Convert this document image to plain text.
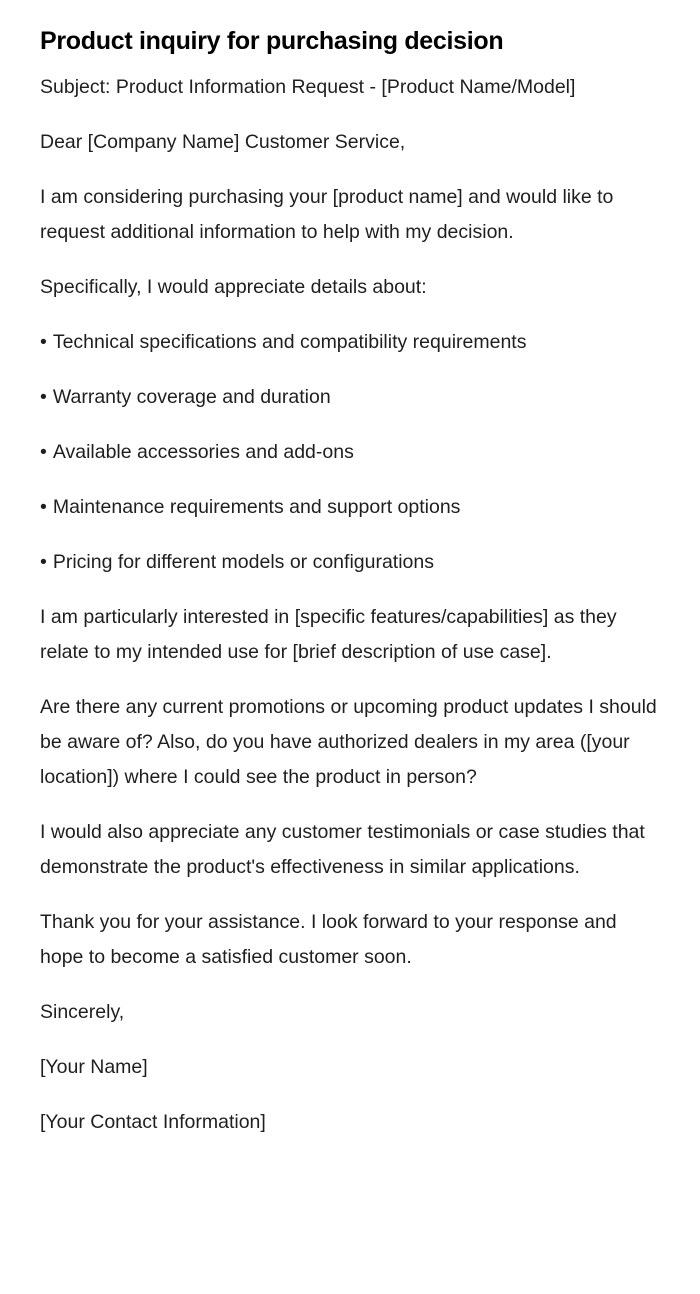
Product inquiry for purchasing decision

Subject: Product Information Request - [Product Name/Model]

Dear [Company Name] Customer Service,

I am considering purchasing your [product name] and would like to request additional information to help with my decision.

Specifically, I would appreciate details about:

• Technical specifications and compatibility requirements
• Warranty coverage and duration
• Available accessories and add-ons
• Maintenance requirements and support options
• Pricing for different models or configurations

I am particularly interested in [specific features/capabilities] as they relate to my intended use for [brief description of use case].

Are there any current promotions or upcoming product updates I should be aware of? Also, do you have authorized dealers in my area ([your location]) where I could see the product in person?

I would also appreciate any customer testimonials or case studies that demonstrate the product's effectiveness in similar applications.

Thank you for your assistance. I look forward to your response and hope to become a satisfied customer soon.

Sincerely,

[Your Name]

[Your Contact Information]
